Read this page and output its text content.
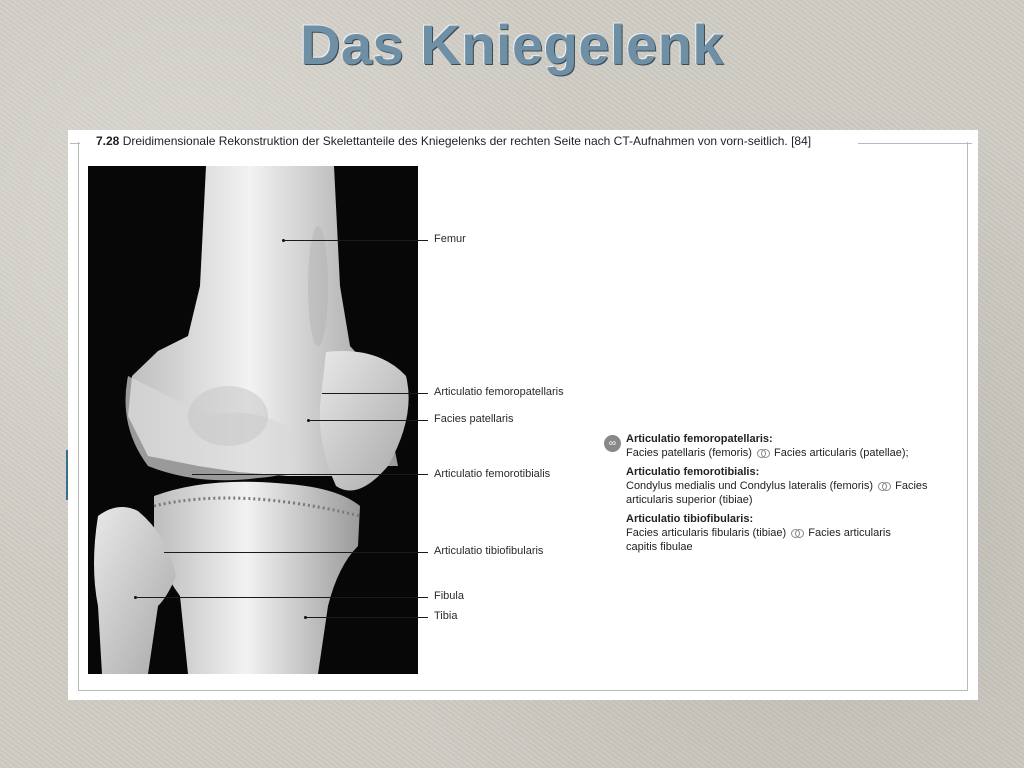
Das Kniegelenk
7.28 Dreidimensionale Rekonstruktion der Skelettanteile des Kniegelenks der rechten Seite nach CT-Aufnahmen von vorn-seitlich. [84]
Femur
Articulatio femoropatellaris
Facies patellaris
Articulatio femorotibialis
Articulatio tibiofibularis
Fibula
Tibia
∞ Articulatio femoropatellaris:
Facies patellaris (femoris) Facies articularis (patellae);
Articulatio femorotibialis:
Condylus medialis und Condylus lateralis (femoris) Facies
articularis superior (tibiae)
Articulatio tibiofibularis:
Facies articularis fibularis (tibiae) Facies articularis
capitis fibulae
